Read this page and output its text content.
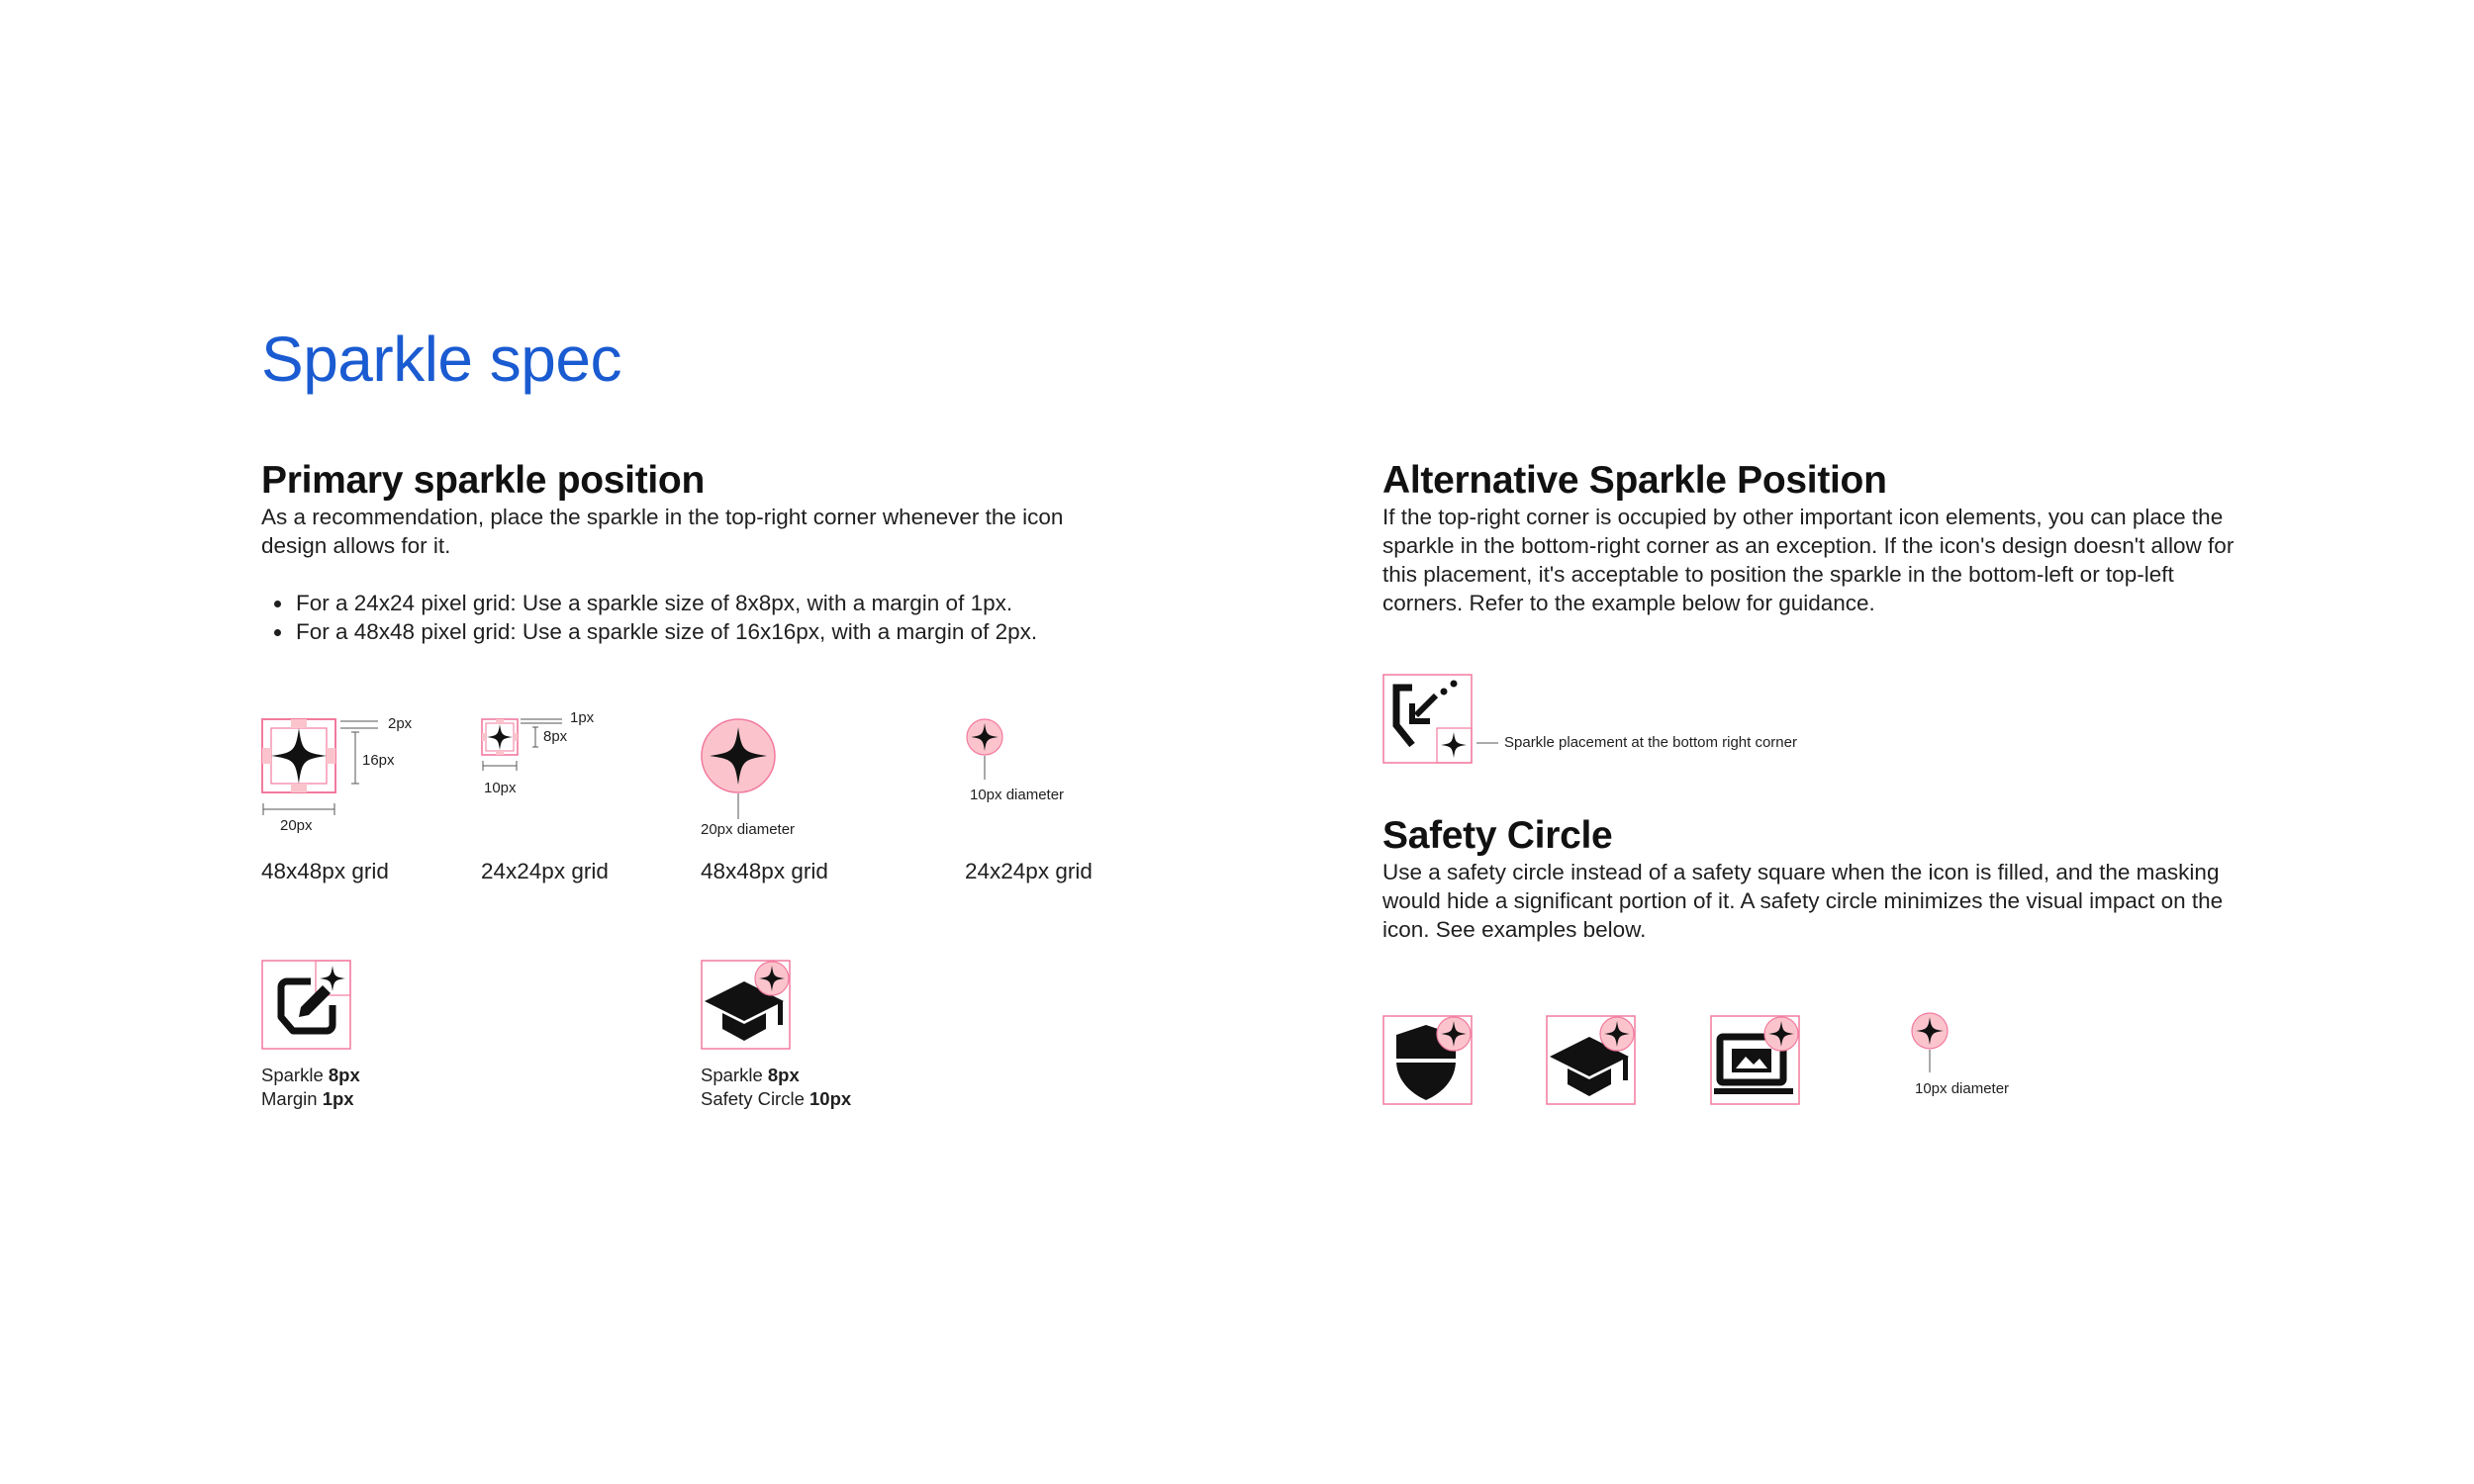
Sparkle spec
Primary sparkle position
As a recommendation, place the sparkle in the top-right corner whenever the icon design allows for it.
• For a 24x24 pixel grid: Use a sparkle size of 8x8px, with a margin of 1px.
• For a 48x48 pixel grid: Use a sparkle size of 16x16px, with a margin of 2px.
2px
16px
20px
48x48px grid
1px
8px
10px
24x24px grid
20px diameter
48x48px grid
10px diameter
24x24px grid
Sparkle 8px
Margin 1px
Sparkle 8px
Safety Circle 10px
Alternative Sparkle Position
If the top-right corner is occupied by other important icon elements, you can place the sparkle in the bottom-right corner as an exception. If the icon's design doesn't allow for this placement, it's acceptable to position the sparkle in the bottom-left or top-left corners. Refer to the example below for guidance.
Sparkle placement at the bottom right corner
Safety Circle
Use a safety circle instead of a safety square when the icon is filled, and the masking would hide a significant portion of it. A safety circle minimizes the visual impact on the icon. See examples below.
10px diameter
